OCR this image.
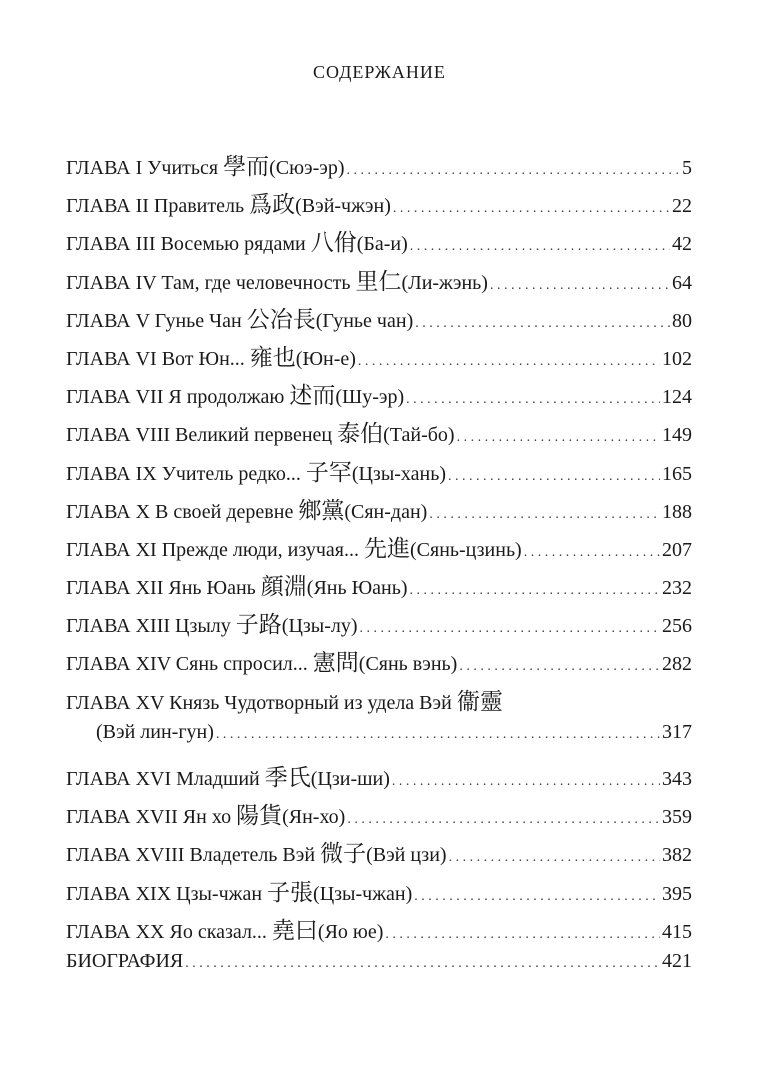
СОДЕРЖАНИЕ
ГЛАВА I Учиться 學而 (Сюэ-эр) . . .	5
ГЛАВА II Правитель 爲政 (Вэй-чжэн) . . .	22
ГЛАВА III Восемью рядами 八佾 (Ба-и) . . .	42
ГЛАВА IV Там, где человечность 里仁 (Ли-жэнь) . . .	64
ГЛАВА V Гунье Чан 公冶長 (Гунье чан) . . .	80
ГЛАВА VI Вот Юн... 雍也 (Юн-е) . . .	102
ГЛАВА VII Я продолжаю 述而 (Шу-эр) . . .	124
ГЛАВА VIII Великий первенец 泰伯 (Тай-бо) . . .	149
ГЛАВА IX Учитель редко... 子罕 (Цзы-хань) . . .	165
ГЛАВА X В своей деревне 鄉黨 (Сян-дан) . . .	188
ГЛАВА XI Прежде люди, изучая... 先進 (Сянь-цзинь) . . .	207
ГЛАВА XII Янь Юань 顔淵 (Янь Юань) . . .	232
ГЛАВА XIII Цзылу 子路 (Цзы-лу) . . .	256
ГЛАВА XIV Сянь спросил... 憲問 (Сянь вэнь) . . .	282
ГЛАВА XV Князь Чудотворный из удела Вэй 衞靈
(Вэй лин-гун) . . .	317
ГЛАВА XVI Младший 季氏 (Цзи-ши) . . .	343
ГЛАВА XVII Ян хо 陽貨 (Ян-хо) . . .	359
ГЛАВА XVIII Владетель Вэй 微子 (Вэй цзи) . . .	382
ГЛАВА XIX Цзы-чжан 子張 (Цзы-чжан) . . .	395
ГЛАВА XX Яо сказал... 堯曰 (Яо юе) . . .	415
БИОГРАФИЯ . . .	421
